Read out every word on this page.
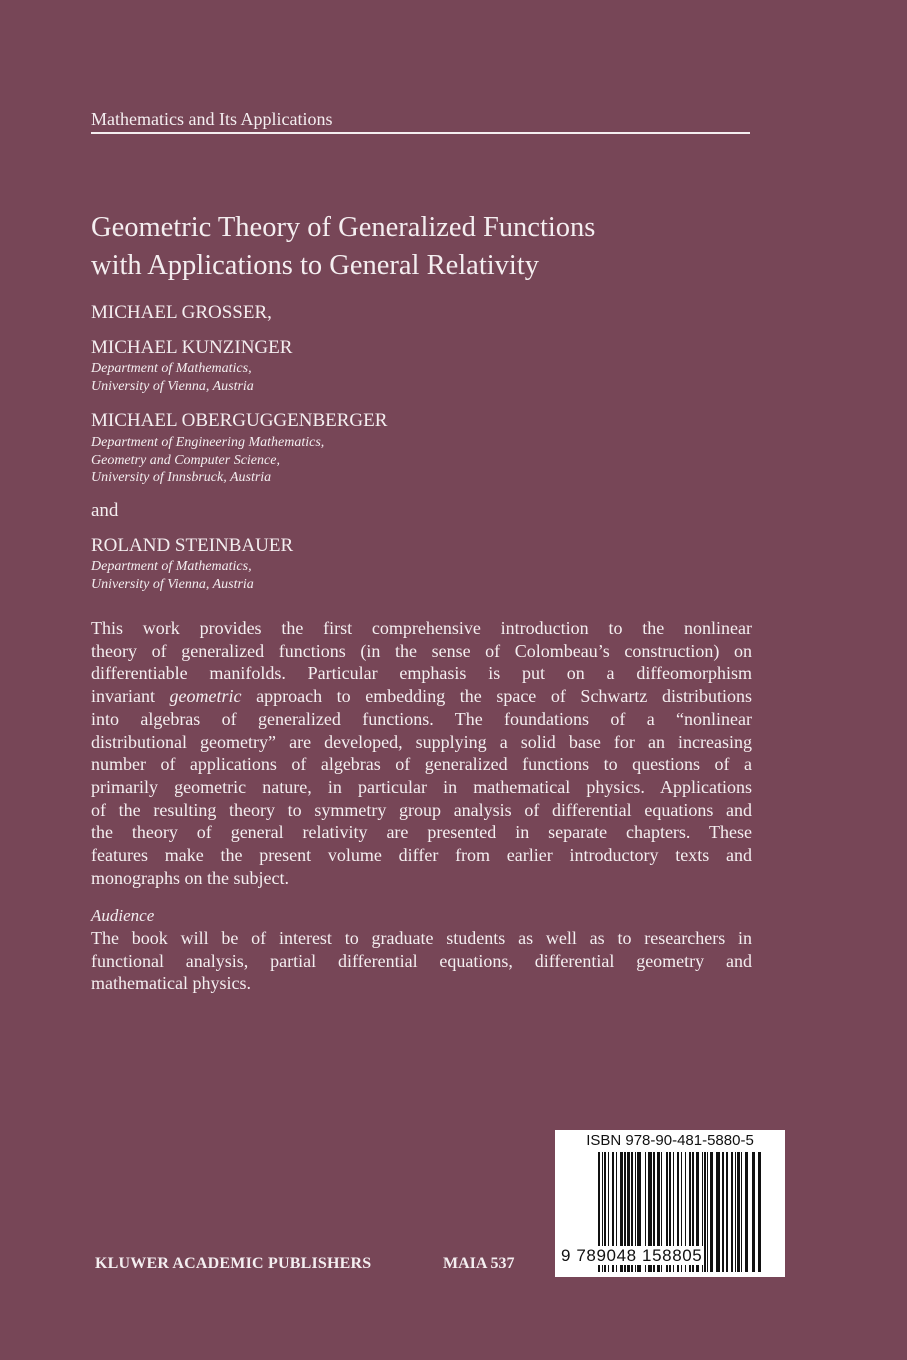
Mathematics and Its Applications
Geometric Theory of Generalized Functions
with Applications to General Relativity
MICHAEL GROSSER,
MICHAEL KUNZINGER
Department of Mathematics,
University of Vienna, Austria
MICHAEL OBERGUGGENBERGER
Department of Engineering Mathematics,
Geometry and Computer Science,
University of Innsbruck, Austria
and
ROLAND STEINBAUER
Department of Mathematics,
University of Vienna, Austria
This work provides the first comprehensive introduction to the nonlinear
theory of generalized functions (in the sense of Colombeau’s construction) on
differentiable manifolds. Particular emphasis is put on a diffeomorphism
invariant geometric approach to embedding the space of Schwartz distributions
into algebras of generalized functions. The foundations of a “nonlinear
distributional geometry” are developed, supplying a solid base for an increasing
number of applications of algebras of generalized functions to questions of a
primarily geometric nature, in particular in mathematical physics. Applications
of the resulting theory to symmetry group analysis of differential equations and
the theory of general relativity are presented in separate chapters. These
features make the present volume differ from earlier introductory texts and
monographs on the subject.
Audience
The book will be of interest to graduate students as well as to researchers in
functional analysis, partial differential equations, differential geometry and
mathematical physics.
ISBN 978-90-481-5880-5
9 789048 158805
KLUWER ACADEMIC PUBLISHERS	MAIA 537
